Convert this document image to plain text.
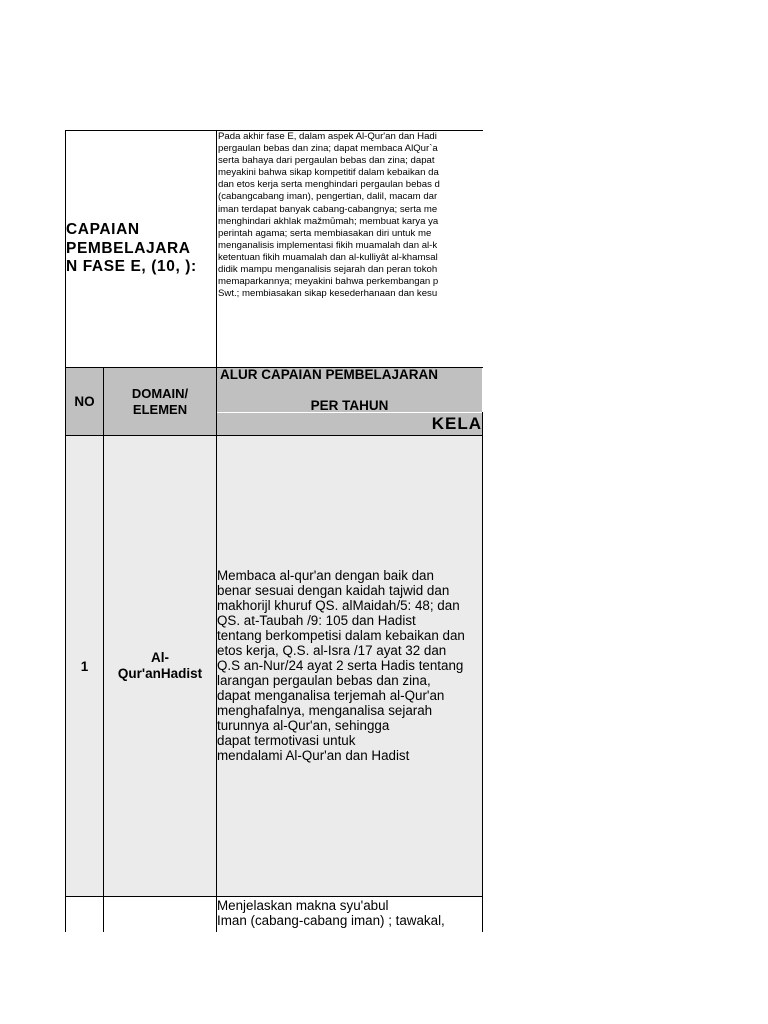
CAPAIAN
PEMBELAJARA
N FASE E, (10, ):
Pada akhir fase E, dalam aspek Al-Qur'an dan Hadi
pergaulan bebas dan zina; dapat membaca AlQur`a
serta bahaya dari pergaulan bebas dan zina; dapat
meyakini bahwa sikap kompetitif dalam kebaikan da
dan etos kerja serta menghindari pergaulan bebas d
(cabangcabang iman), pengertian, dalil, macam dar
iman terdapat banyak cabang-cabangnya; serta me
menghindari akhlak mažmūmah; membuat karya ya
perintah agama; serta membiasakan diri untuk me
menganalisis implementasi fikih muamalah dan al-k
ketentuan fikih muamalah dan al-kulliyât al-khamsal
didik mampu menganalisis sejarah dan peran tokoh
memaparkannya; meyakini bahwa perkembangan p
Swt.; membiasakan sikap kesederhanaan dan kesu
NO
DOMAIN/
ELEMEN
ALUR CAPAIAN PEMBELAJARAN
PER TAHUN
KELA
1
Al-
Qur'anHadist
Membaca al-qur'an dengan baik dan
benar sesuai dengan kaidah tajwid dan
makhorijl khuruf QS. alMaidah/5: 48; dan
QS. at-Taubah /9: 105 dan Hadist
tentang berkompetisi dalam kebaikan dan
etos kerja, Q.S. al-Isra /17 ayat 32 dan
Q.S an-Nur/24 ayat 2 serta Hadis tentang
larangan pergaulan bebas dan zina,
dapat menganalisa terjemah al-Qur'an
menghafalnya, menganalisa sejarah
turunnya al-Qur'an, sehingga
dapat termotivasi untuk
mendalami Al-Qur'an dan Hadist
Menjelaskan makna syu'abul
Iman (cabang-cabang iman) ; tawakal,
